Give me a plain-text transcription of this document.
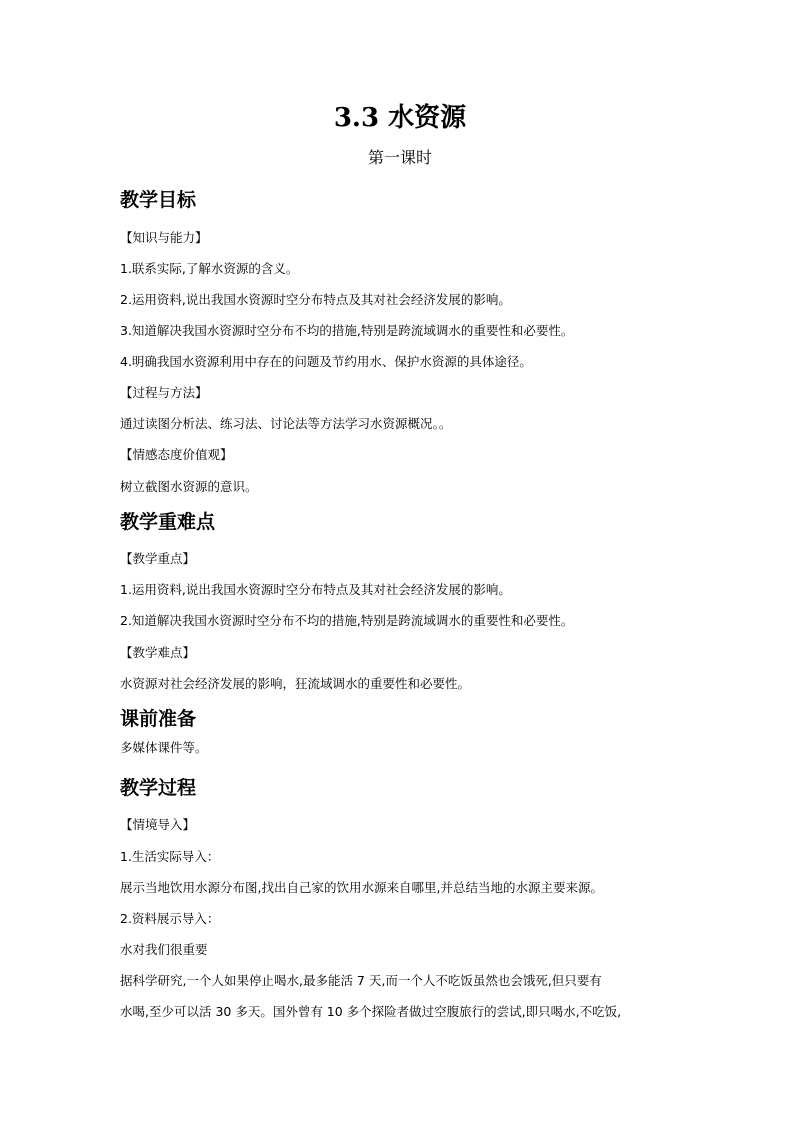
3.3 水资源
第一课时
教学目标
【知识与能力】
1.联系实际,了解水资源的含义。
2.运用资料,说出我国水资源时空分布特点及其对社会经济发展的影响。
3.知道解决我国水资源时空分布不均的措施,特别是跨流域调水的重要性和必要性。
4.明确我国水资源利用中存在的问题及节约用水、保护水资源的具体途径。
【过程与方法】
通过读图分析法、练习法、讨论法等方法学习水资源概况。。
【情感态度价值观】
树立截图水资源的意识。
教学重难点
【教学重点】
1.运用资料,说出我国水资源时空分布特点及其对社会经济发展的影响。
2.知道解决我国水资源时空分布不均的措施,特别是跨流域调水的重要性和必要性。
【教学难点】
水资源对社会经济发展的影响，狂流域调水的重要性和必要性。
课前准备
多媒体课件等。
教学过程
【情境导入】
1.生活实际导入：
展示当地饮用水源分布图,找出自己家的饮用水源来自哪里,并总结当地的水源主要来源。
2.资料展示导入：
水对我们很重要
据科学研究,一个人如果停止喝水,最多能活 7 天,而一个人不吃饭虽然也会饿死,但只要有
水喝,至少可以活 30 多天。国外曾有 10 多个探险者做过空腹旅行的尝试,即只喝水,不吃饭,
